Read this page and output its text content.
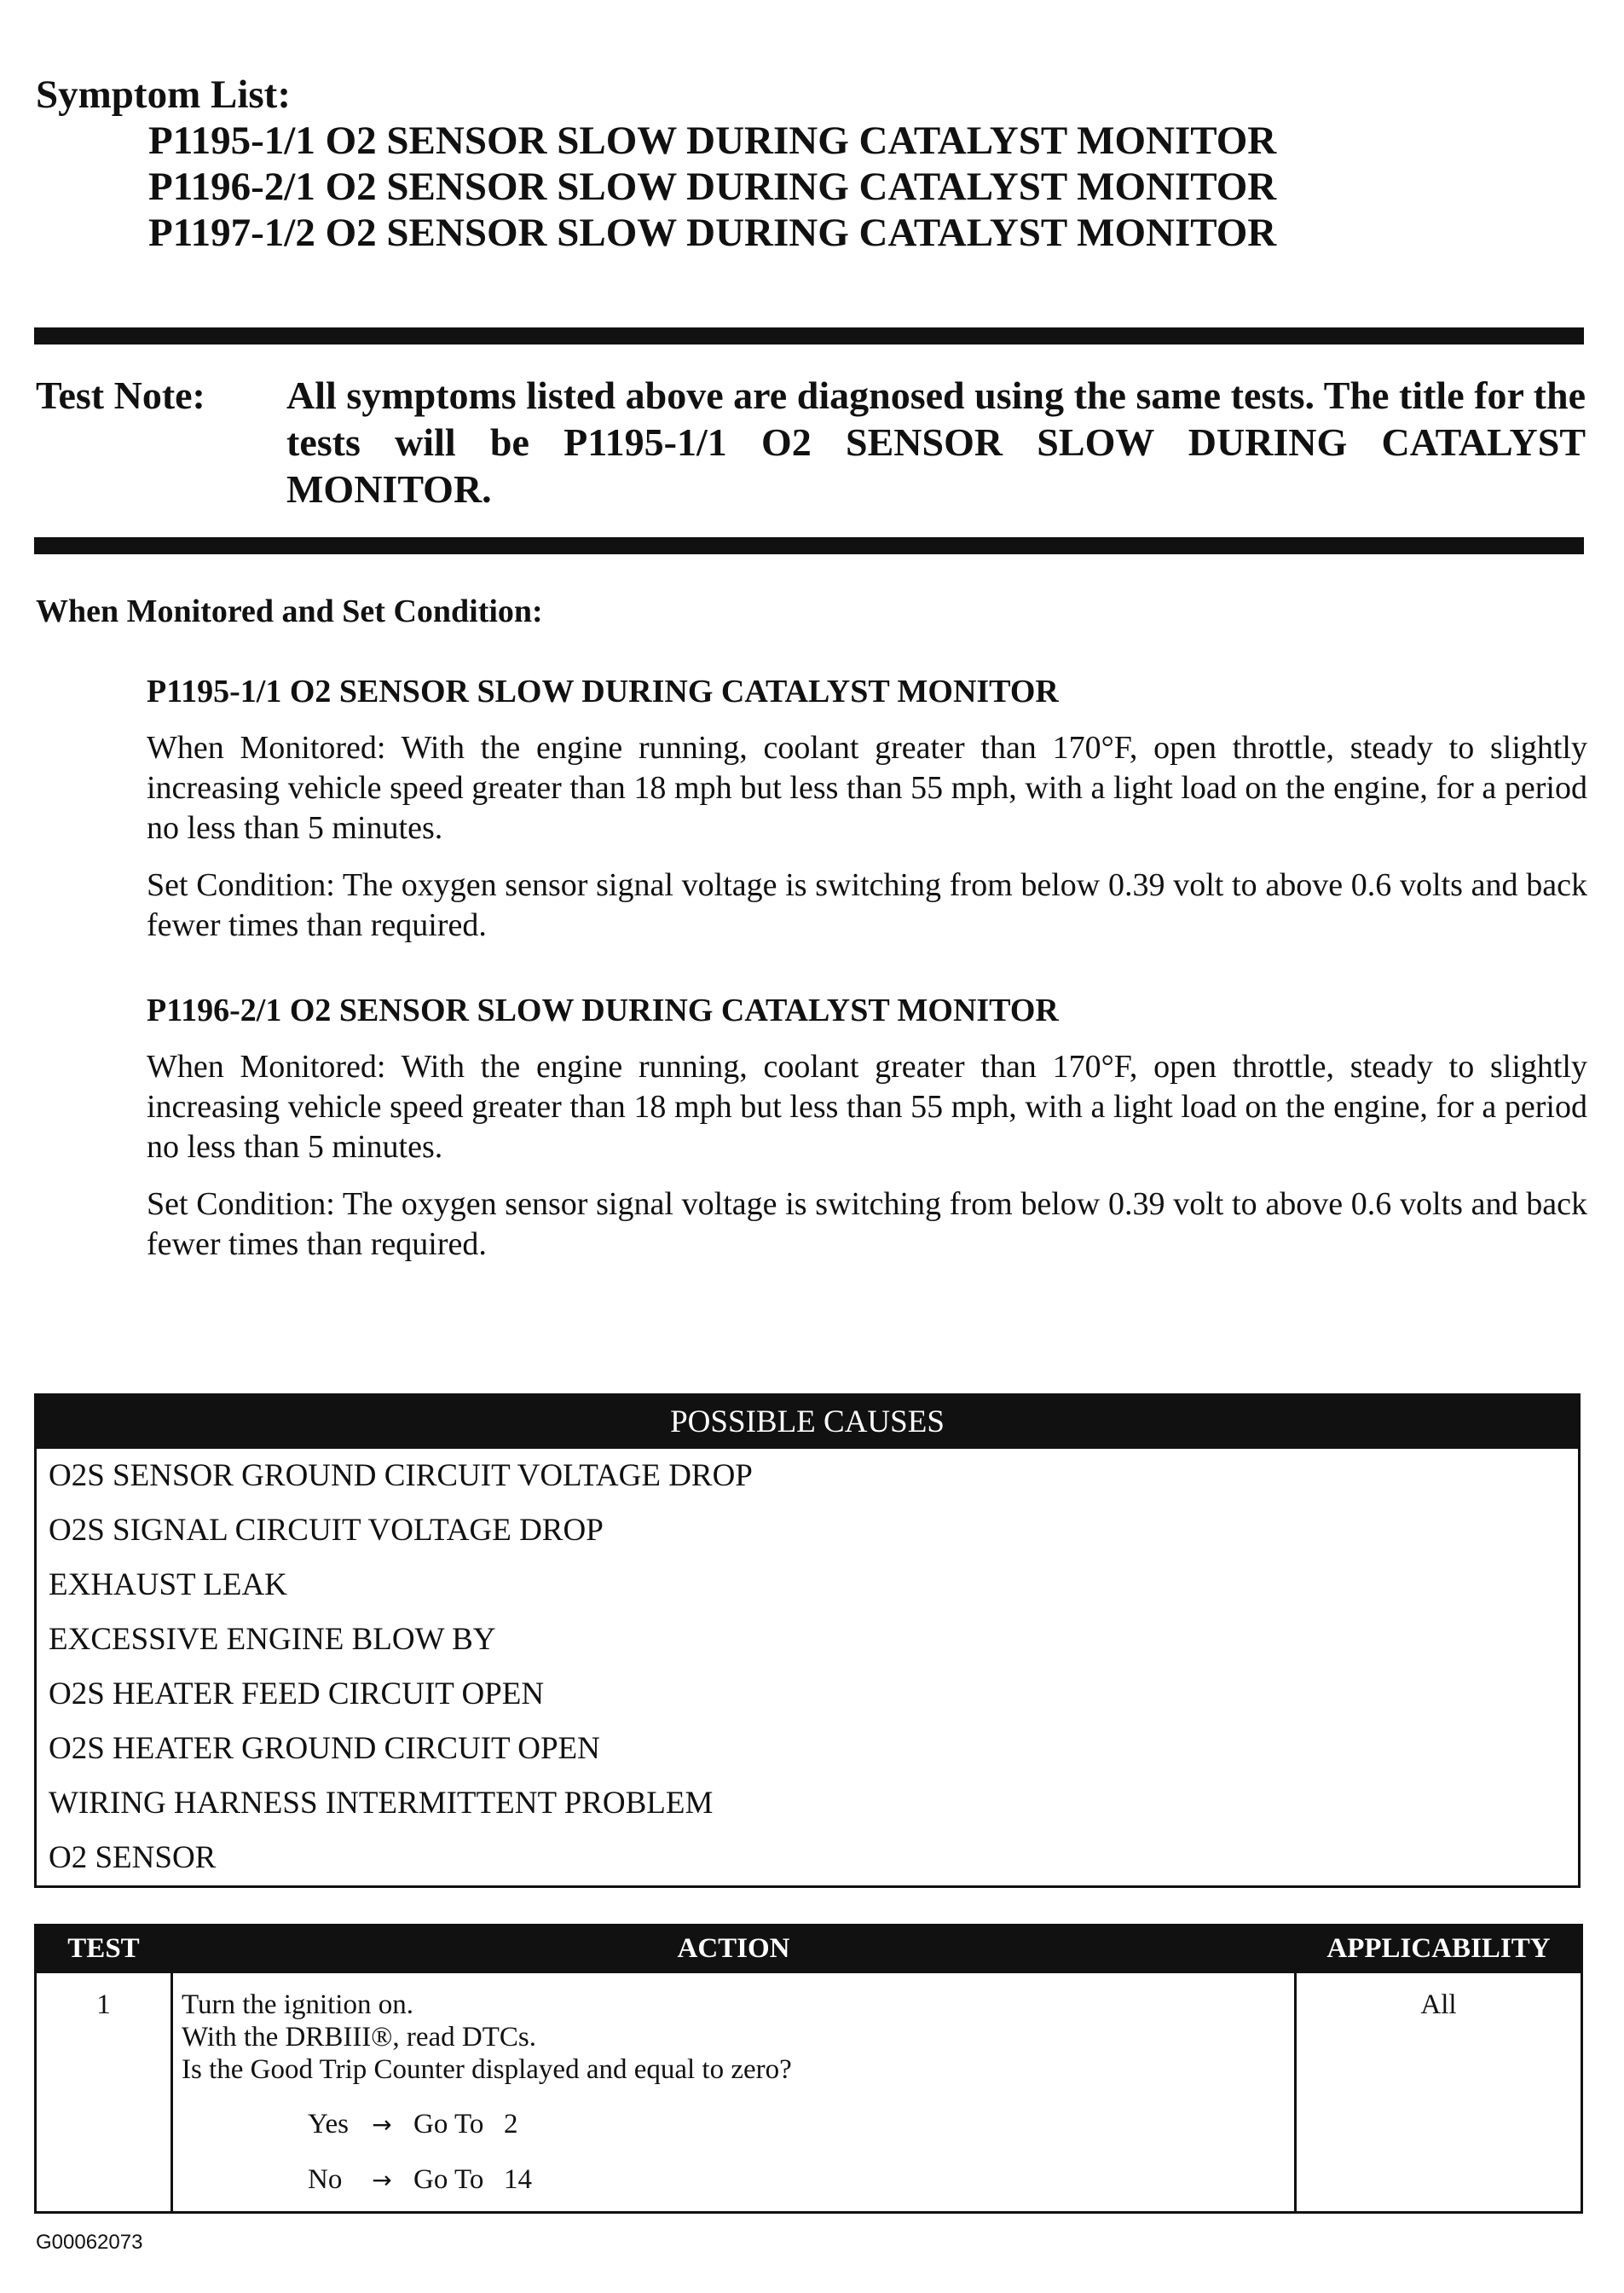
Symptom List:

P1195-1/1 O2 SENSOR SLOW DURING CATALYST MONITOR

P1196-2/1 O2 SENSOR SLOW DURING CATALYST MONITOR

P1197-1/2 O2 SENSOR SLOW DURING CATALYST MONITOR

Test Note: All symptoms listed above are diagnosed using the same tests. The title for the tests will be P1195-1/1 O2 SENSOR SLOW DURING CATALYST MONITOR.

When Monitored and Set Condition:

P1195-1/1 O2 SENSOR SLOW DURING CATALYST MONITOR

When Monitored: With the engine running, coolant greater than 170°F, open throttle, steady to slightly increasing vehicle speed greater than 18 mph but less than 55 mph, with a light load on the engine, for a period no less than 5 minutes.

Set Condition: The oxygen sensor signal voltage is switching from below 0.39 volt to above 0.6 volts and back fewer times than required.

P1196-2/1 O2 SENSOR SLOW DURING CATALYST MONITOR

When Monitored: With the engine running, coolant greater than 170°F, open throttle, steady to slightly increasing vehicle speed greater than 18 mph but less than 55 mph, with a light load on the engine, for a period no less than 5 minutes.

Set Condition: The oxygen sensor signal voltage is switching from below 0.39 volt to above 0.6 volts and back fewer times than required.

POSSIBLE CAUSES
O2S SENSOR GROUND CIRCUIT VOLTAGE DROP
O2S SIGNAL CIRCUIT VOLTAGE DROP
EXHAUST LEAK
EXCESSIVE ENGINE BLOW BY
O2S HEATER FEED CIRCUIT OPEN
O2S HEATER GROUND CIRCUIT OPEN
WIRING HARNESS INTERMITTENT PROBLEM
O2 SENSOR
TEST	ACTION	APPLICABILITY
1	Turn the ignition on.
With the DRBIII®, read DTCs.
Is the Good Trip Counter displayed and equal to zero?
Yes → Go To 2
No → Go To 14	All
G00062073
